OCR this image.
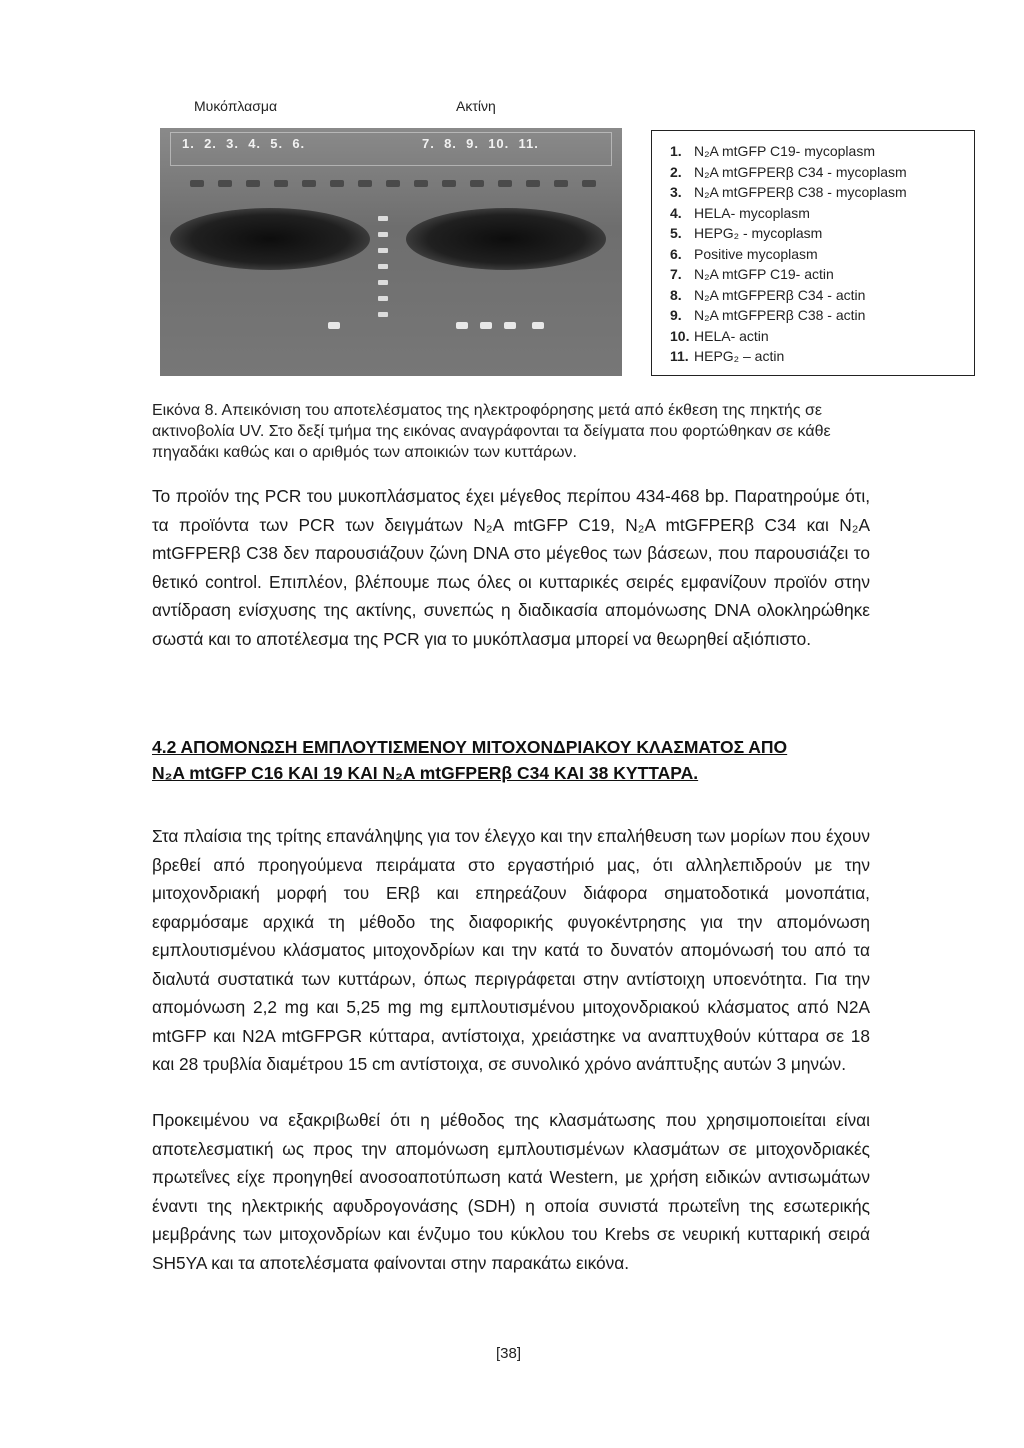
Μυκόπλασμα	Ακτίνη
1.  2.  3.  4.  5.  6.	7.  8.  9.  10.  11.	1. N₂A mtGFP C19- mycoplasm
2. N₂A mtGFPERβ C34 - mycoplasm
3. N₂A mtGFPERβ C38 - mycoplasm
4. HELA- mycoplasm
5. HEPG₂ - mycoplasm
6. Positive mycoplasm
7. N₂A mtGFP C19- actin
8. N₂A mtGFPERβ C34 - actin
9. N₂A mtGFPERβ C38 - actin
10. HELA- actin
11. HEPG₂ – actin
Εικόνα 8. Απεικόνιση του αποτελέσματος της ηλεκτροφόρησης μετά από έκθεση της πηκτής σε ακτινοβολία UV. Στο δεξί τμήμα της εικόνας αναγράφονται τα δείγματα που φορτώθηκαν σε κάθε πηγαδάκι καθώς και ο αριθμός των αποικιών των κυττάρων.
Το προϊόν της PCR του μυκοπλάσματος έχει μέγεθος περίπου 434-468 bp. Παρατηρούμε ότι, τα προϊόντα των PCR των δειγμάτων N₂A mtGFP C19, N₂A mtGFPERβ C34 και N₂A mtGFPERβ C38 δεν παρουσιάζουν ζώνη DNA στο μέγεθος των βάσεων, που παρουσιάζει το θετικό control. Επιπλέον, βλέπουμε πως όλες οι κυτταρικές σειρές εμφανίζουν προϊόν στην αντίδραση ενίσχυσης της ακτίνης, συνεπώς η διαδικασία απομόνωσης DNA ολοκληρώθηκε σωστά και το αποτέλεσμα της PCR για το μυκόπλασμα μπορεί να θεωρηθεί αξιόπιστο.
4.2 ΑΠΟΜΟΝΩΣΗ ΕΜΠΛΟΥΤΙΣΜΕΝΟΥ ΜΙΤΟΧΟΝΔΡΙΑΚΟΥ ΚΛΑΣΜΑΤΟΣ ΑΠΟ
N₂A mtGFP C16 ΚΑΙ 19 ΚΑΙ N₂A mtGFPERβ C34 ΚΑΙ 38 ΚΥΤΤΑΡΑ.
Στα πλαίσια της τρίτης επανάληψης για τον έλεγχο και την επαλήθευση των μορίων που έχουν βρεθεί από προηγούμενα πειράματα στο εργαστήριό μας, ότι αλληλεπιδρούν με την μιτοχονδριακή μορφή του ERβ και επηρεάζουν διάφορα σηματοδοτικά μονοπάτια, εφαρμόσαμε αρχικά τη μέθοδο της διαφορικής φυγοκέντρησης για την απομόνωση εμπλουτισμένου κλάσματος μιτοχονδρίων και την κατά το δυνατόν απομόνωσή του από τα διαλυτά συστατικά των κυττάρων, όπως περιγράφεται στην αντίστοιχη υποενότητα. Για την απομόνωση 2,2 mg και 5,25 mg mg εμπλουτισμένου μιτοχονδριακού κλάσματος από N2A mtGFP και N2A mtGFPGR κύτταρα, αντίστοιχα, χρειάστηκε να αναπτυχθούν κύτταρα σε 18 και 28 τρυβλία διαμέτρου 15 cm αντίστοιχα, σε συνολικό χρόνο ανάπτυξης αυτών 3 μηνών.
Προκειμένου να εξακριβωθεί ότι η μέθοδος της κλασμάτωσης που χρησιμοποιείται είναι αποτελεσματική ως προς την απομόνωση εμπλουτισμένων κλασμάτων σε μιτοχονδριακές πρωτεΐνες είχε προηγηθεί ανοσοαποτύπωση κατά Western, με χρήση ειδικών αντισωμάτων έναντι της ηλεκτρικής αφυδρογονάσης (SDH) η οποία συνιστά πρωτεΐνη της εσωτερικής μεμβράνης των μιτοχονδρίων και ένζυμο του κύκλου του Krebs σε νευρική κυτταρική σειρά SH5YA και τα αποτελέσματα φαίνονται στην παρακάτω εικόνα.
[38]
